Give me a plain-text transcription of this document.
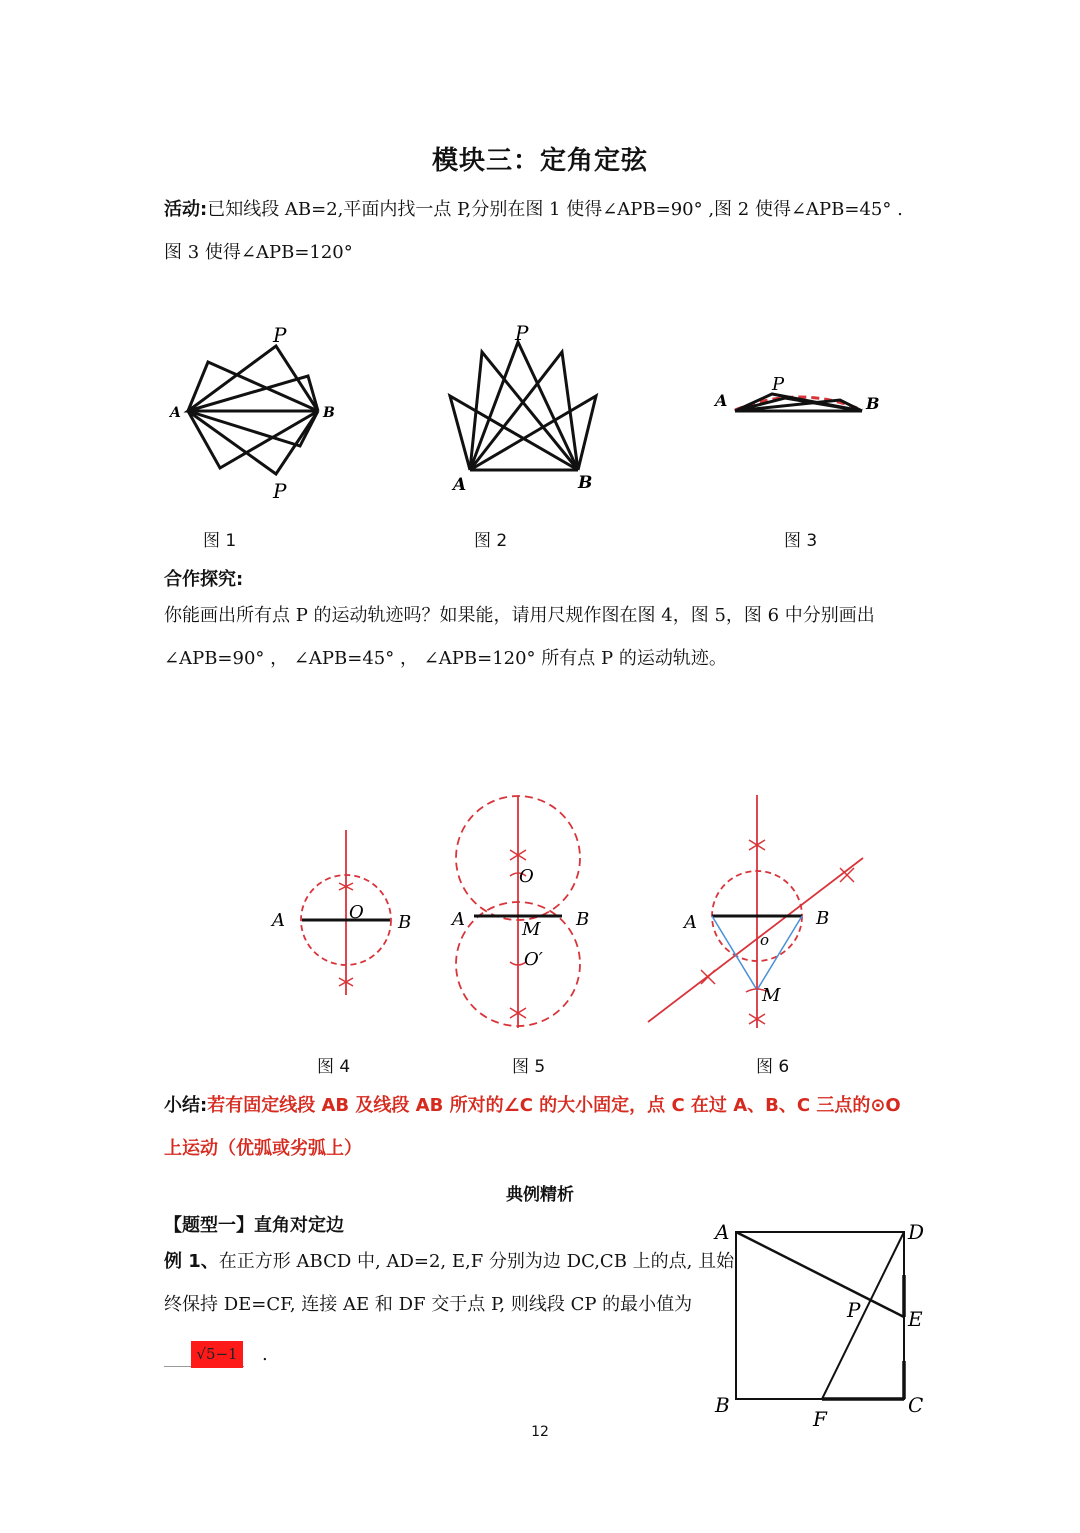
模块三：定角定弦
活动:已知线段 AB=2,平面内找一点 P,分别在图 1 使得∠APB=90° ,图 2 使得∠APB=45° .
图 3 使得∠APB=120°
P
A	B
P
P
A	B
P
A	B
图 1	图 2	图 3
合作探究:
你能画出所有点 P 的运动轨迹吗？如果能，请用尺规作图在图 4，图 5，图 6 中分别画出
∠APB=90° ， ∠APB=45° ， ∠APB=120° 所有点 P 的运动轨迹。
A	B
O	A	B
O
M
O′
A	B
o
M
图 4	图 5	图 6
小结:若有固定线段 AB 及线段 AB 所对的∠C 的大小固定，点 C 在过 A、B、C 三点的⊙O
上运动（优弧或劣弧上）
典例精析
【题型一】直角对定边
例 1、在正方形 ABCD 中, AD=2, E,F 分别为边 DC,CB 上的点, 且始
终保持 DE=CF, 连接 AE 和 DF 交于点 P, 则线段 CP 的最小值为
√5−1 .
A	D
E
P
B	C
F
12
